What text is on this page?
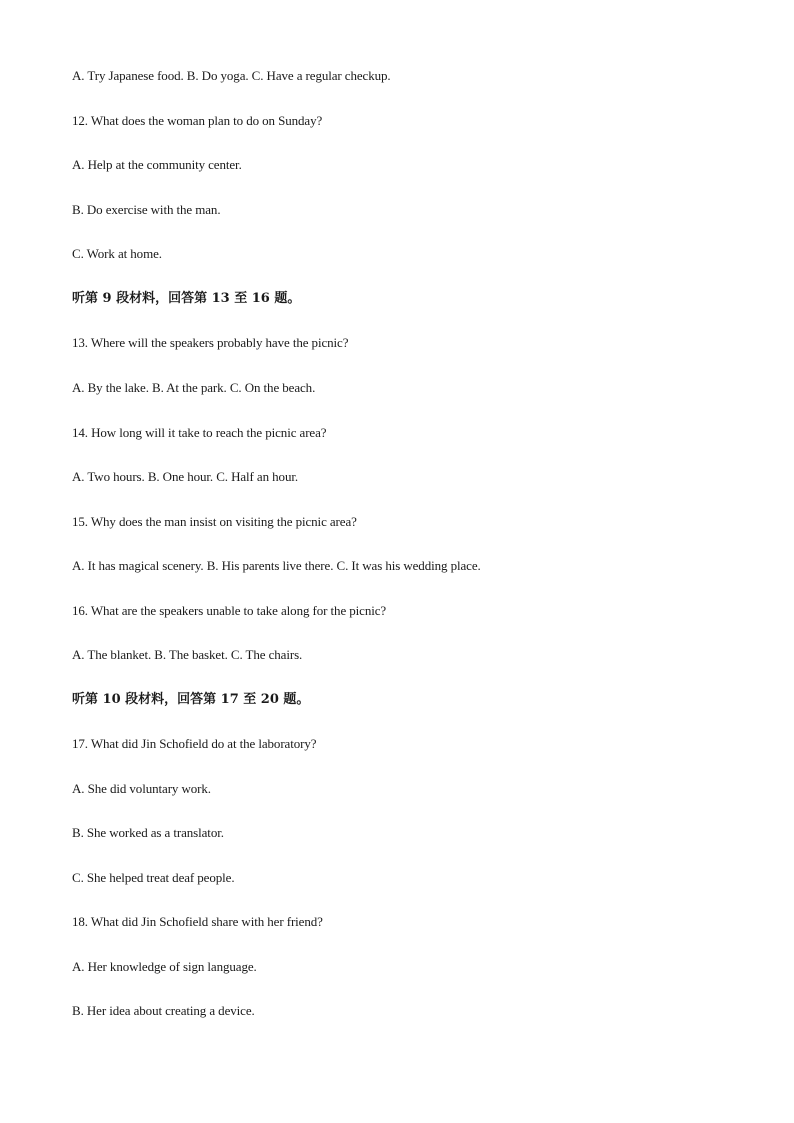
A. Try Japanese food. B. Do yoga. C. Have a regular checkup.
12. What does the woman plan to do on Sunday?
A. Help at the community center.
B. Do exercise with the man.
C. Work at home.
听第 9 段材料，回答第 13 至 16 题。
13. Where will the speakers probably have the picnic?
A. By the lake. B. At the park. C. On the beach.
14. How long will it take to reach the picnic area?
A. Two hours. B. One hour. C. Half an hour.
15. Why does the man insist on visiting the picnic area?
A. It has magical scenery. B. His parents live there. C. It was his wedding place.
16. What are the speakers unable to take along for the picnic?
A. The blanket. B. The basket. C. The chairs.
听第 10 段材料，回答第 17 至 20 题。
17. What did Jin Schofield do at the laboratory?
A. She did voluntary work.
B. She worked as a translator.
C. She helped treat deaf people.
18. What did Jin Schofield share with her friend?
A. Her knowledge of sign language.
B. Her idea about creating a device.
